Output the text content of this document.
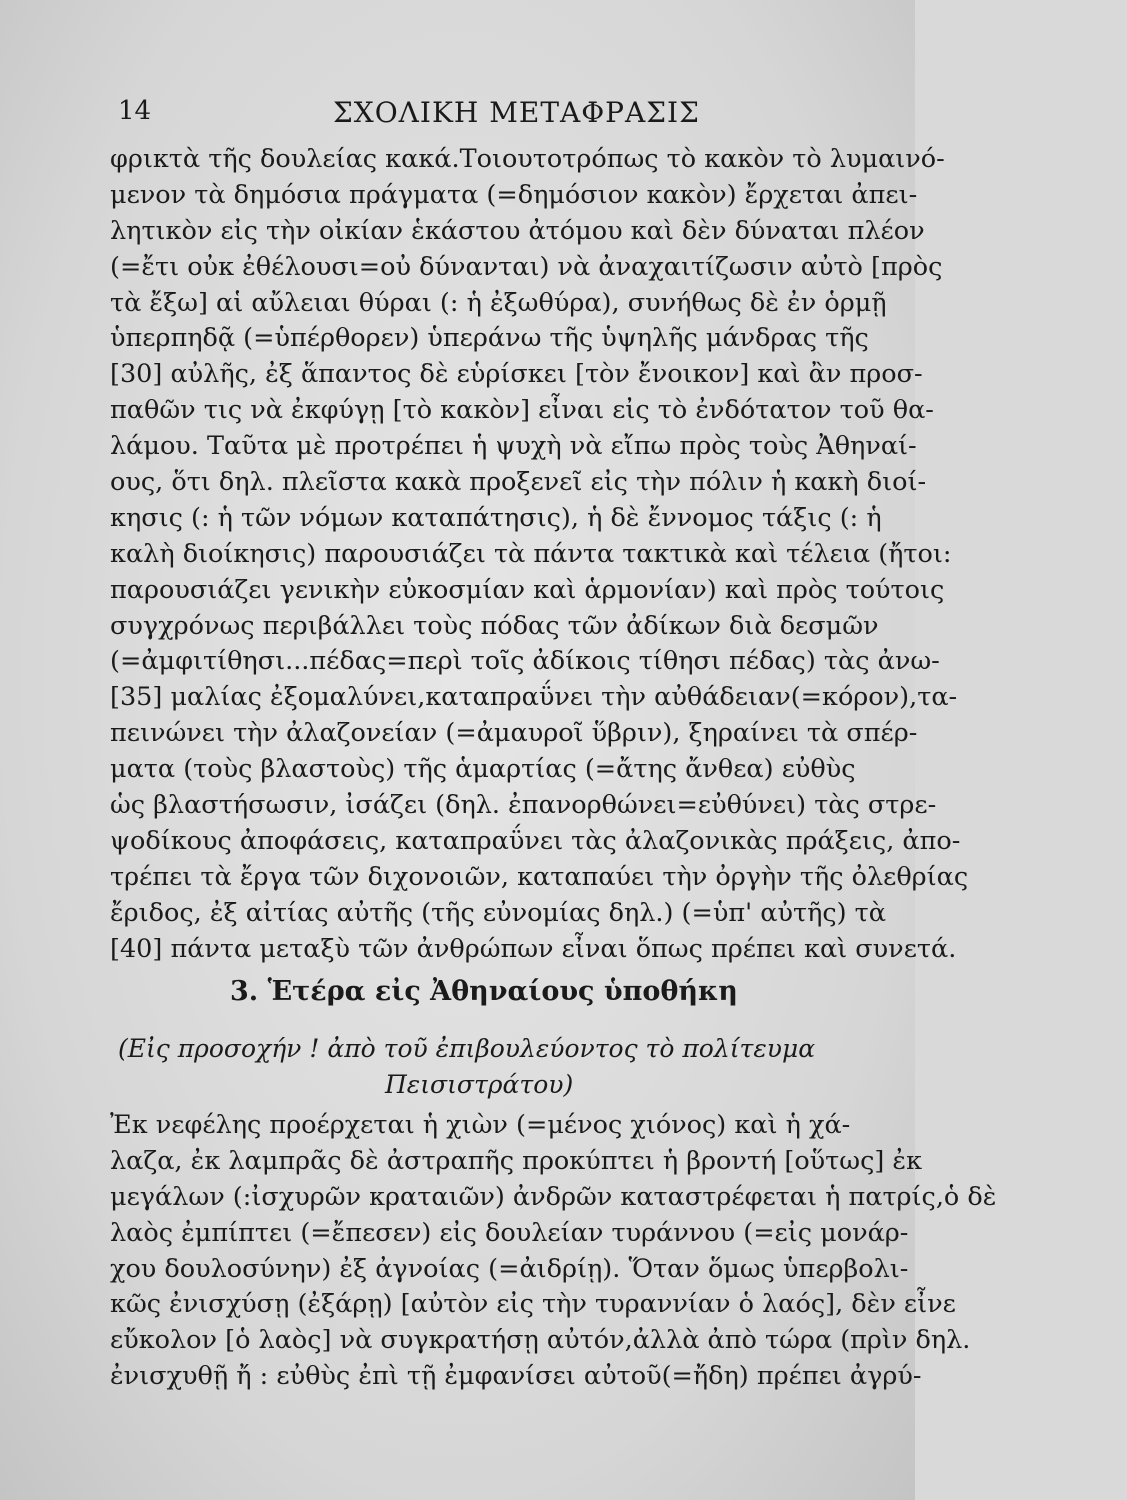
14	ΣΧΟΛΙΚΗ ΜΕΤΑΦΡΑΣΙΣ
φρικτὰ τῆς δουλείας κακά.Τοιουτοτρόπως τὸ κακὸν τὸ λυμαινό-
μενον τὰ δημόσια πράγματα (=δημόσιον κακὸν) ἔρχεται ἀπει-
λητικὸν εἰς τὴν οἰκίαν ἑκάστου ἀτόμου καὶ δὲν δύναται πλέον
(=ἔτι οὐκ ἐθέλουσι=οὐ δύνανται) νὰ ἀναχαιτίζωσιν αὐτὸ [πρὸς
τὰ ἔξω] αἱ αὔλειαι θύραι (: ἡ ἐξωθύρα), συνήθως δὲ ἐν ὁρμῇ
ὑπερπηδᾷ (=ὑπέρθορεν) ὑπεράνω τῆς ὑψηλῆς μάνδρας τῆς
[30] αὐλῆς, ἐξ ἅπαντος δὲ εὑρίσκει [τὸν ἔνοικον] καὶ ἂν προσ-
παθῶν τις νὰ ἐκφύγῃ [τὸ κακὸν] εἶναι εἰς τὸ ἐνδότατον τοῦ θα-
λάμου. Ταῦτα μὲ προτρέπει ἡ ψυχὴ νὰ εἴπω πρὸς τοὺς Ἀθηναί-
ους, ὅτι δηλ. πλεῖστα κακὰ προξενεῖ εἰς τὴν πόλιν ἡ κακὴ διοί-
κησις (: ἡ τῶν νόμων καταπάτησις), ἡ δὲ ἔννομος τάξις (: ἡ
καλὴ διοίκησις) παρουσιάζει τὰ πάντα τακτικὰ καὶ τέλεια (ἤτοι:
παρουσιάζει γενικὴν εὐκοσμίαν καὶ ἁρμονίαν) καὶ πρὸς τούτοις
συγχρόνως περιβάλλει τοὺς πόδας τῶν ἀδίκων διὰ δεσμῶν
(=ἀμφιτίθησι...πέδας=περὶ τοῖς ἀδίκοις τίθησι πέδας) τὰς ἀνω-
[35] μαλίας ἐξομαλύνει,καταπραΰνει τὴν αὐθάδειαν(=κόρον),τα-
πεινώνει τὴν ἀλαζονείαν (=ἀμαυροῖ ὕβριν), ξηραίνει τὰ σπέρ-
ματα (τοὺς βλαστοὺς) τῆς ἁμαρτίας (=ἄτης ἄνθεα) εὐθὺς
ὡς βλαστήσωσιν, ἰσάζει (δηλ. ἐπανορθώνει=εὐθύνει) τὰς στρε-
ψοδίκους ἀποφάσεις, καταπραΰνει τὰς ἀλαζονικὰς πράξεις, ἀπο-
τρέπει τὰ ἔργα τῶν διχονοιῶν, καταπαύει τὴν ὀργὴν τῆς ὀλεθρίας
ἔριδος, ἐξ αἰτίας αὐτῆς (τῆς εὐνομίας δηλ.) (=ὑπ' αὐτῆς) τὰ
[40] πάντα μεταξὺ τῶν ἀνθρώπων εἶναι ὅπως πρέπει καὶ συνετά.
3. Ἑτέρα εἰς Ἀθηναίους ὑποθήκη
(Εἰς προσοχήν ! ἀπὸ τοῦ ἐπιβουλεύοντος τὸ πολίτευμα
Πεισιστράτου)
Ἐκ νεφέλης προέρχεται ἡ χιὼν (=μένος χιόνος) καὶ ἡ χά-
λαζα, ἐκ λαμπρᾶς δὲ ἀστραπῆς προκύπτει ἡ βροντή [οὕτως] ἐκ
μεγάλων (:ἰσχυρῶν κραταιῶν) ἀνδρῶν καταστρέφεται ἡ πατρίς,ὁ δὲ
λαὸς ἐμπίπτει (=ἔπεσεν) εἰς δουλείαν τυράννου (=εἰς μονάρ-
χου δουλοσύνην) ἐξ ἀγνοίας (=ἀιδρίῃ). Ὅταν ὅμως ὑπερβολι-
κῶς ἐνισχύσῃ (ἐξάρῃ) [αὐτὸν εἰς τὴν τυραννίαν ὁ λαός], δὲν εἶνε
εὔκολον [ὁ λαὸς] νὰ συγκρατήσῃ αὐτόν,ἀλλὰ ἀπὸ τώρα (πρὶν δηλ.
ἐνισχυθῇ ἤ : εὐθὺς ἐπὶ τῇ ἐμφανίσει αὐτοῦ(=ἤδη) πρέπει ἀγρύ-
